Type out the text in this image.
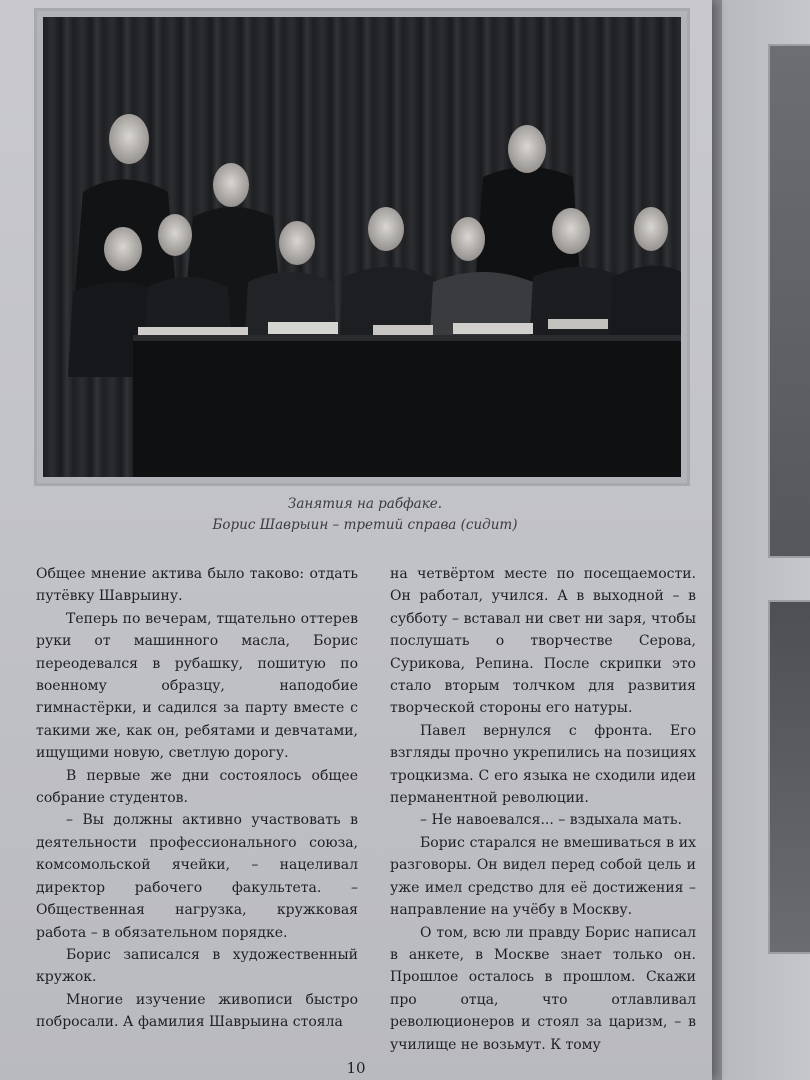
Занятия на рабфаке.
Борис Шаврыин – третий справа (сидит)

Общее мнение актива было таково: отдать путёвку Шаврыину.

Теперь по вечерам, тщательно оттерев руки от машинного масла, Борис переодевался в рубашку, пошитую по военному образцу, наподобие гимнастёрки, и садился за парту вместе с такими же, как он, ребятами и девчатами, ищущими новую, светлую дорогу.

В первые же дни состоялось общее собрание студентов.

– Вы должны активно участвовать в деятельности профессионального союза, комсомольской ячейки, – нацеливал директор рабочего факультета. – Общественная нагрузка, кружковая работа – в обязательном порядке.

Борис записался в художественный кружок.

Многие изучение живописи быстро побросали. А фамилия Шаврыина стояла

на четвёртом месте по посещаемости. Он работал, учился. А в выходной – в субботу – вставал ни свет ни заря, чтобы послушать о творчестве Серова, Сурикова, Репина. После скрипки это стало вторым толчком для развития творческой стороны его натуры.

Павел вернулся с фронта. Его взгляды прочно укрепились на позициях троцкизма. С его языка не сходили идеи перманентной революции.

– Не навоевался... – вздыхала мать.

Борис старался не вмешиваться в их разговоры. Он видел перед собой цель и уже имел средство для её достижения – направление на учёбу в Москву.

О том, всю ли правду Борис написал в анкете, в Москве знает только он. Прошлое осталось в прошлом. Скажи про отца, что отлавливал революционеров и стоял за царизм, – в училище не возьмут. К тому

10
